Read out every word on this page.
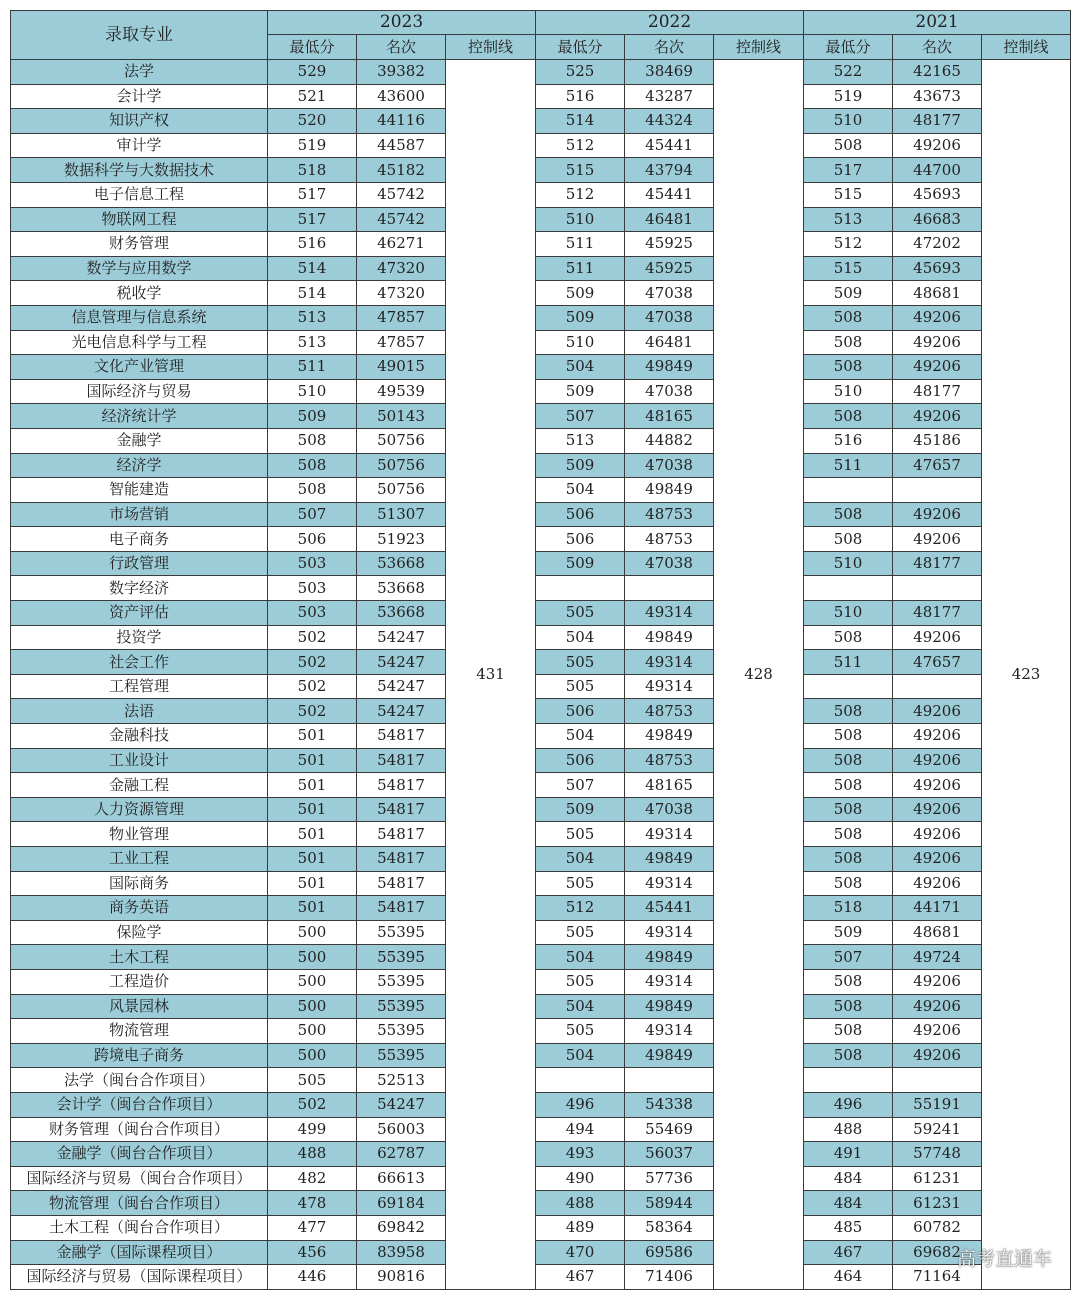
录取专业	2023			2022			2021		
	最低分	名次	控制线	最低分	名次	控制线	最低分	名次	控制线
法学	529	39382	431	525	38469	428	522	42165	423
会计学	521	43600		516	43287		519	43673	
知识产权	520	44116		514	44324		510	48177	
审计学	519	44587		512	45441		508	49206	
数据科学与大数据技术	518	45182		515	43794		517	44700	
电子信息工程	517	45742		512	45441		515	45693	
物联网工程	517	45742		510	46481		513	46683	
财务管理	516	46271		511	45925		512	47202	
数学与应用数学	514	47320		511	45925		515	45693	
税收学	514	47320		509	47038		509	48681	
信息管理与信息系统	513	47857		509	47038		508	49206	
光电信息科学与工程	513	47857		510	46481		508	49206	
文化产业管理	511	49015		504	49849		508	49206	
国际经济与贸易	510	49539		509	47038		510	48177	
经济统计学	509	50143		507	48165		508	49206	
金融学	508	50756		513	44882		516	45186	
经济学	508	50756		509	47038		511	47657	
智能建造	508	50756		504	49849				
市场营销	507	51307		506	48753		508	49206	
电子商务	506	51923		506	48753		508	49206	
行政管理	503	53668		509	47038		510	48177	
数字经济	503	53668							
资产评估	503	53668		505	49314		510	48177	
投资学	502	54247		504	49849		508	49206	
社会工作	502	54247		505	49314		511	47657	
工程管理	502	54247		505	49314				
法语	502	54247		506	48753		508	49206	
金融科技	501	54817		504	49849		508	49206	
工业设计	501	54817		506	48753		508	49206	
金融工程	501	54817		507	48165		508	49206	
人力资源管理	501	54817		509	47038		508	49206	
物业管理	501	54817		505	49314		508	49206	
工业工程	501	54817		504	49849		508	49206	
国际商务	501	54817		505	49314		508	49206	
商务英语	501	54817		512	45441		518	44171	
保险学	500	55395		505	49314		509	48681	
土木工程	500	55395		504	49849		507	49724	
工程造价	500	55395		505	49314		508	49206	
风景园林	500	55395		504	49849		508	49206	
物流管理	500	55395		505	49314		508	49206	
跨境电子商务	500	55395		504	49849		508	49206	
法学（闽台合作项目）	505	52513							
会计学（闽台合作项目）	502	54247		496	54338		496	55191	
财务管理（闽台合作项目）	499	56003		494	55469		488	59241	
金融学（闽台合作项目）	488	62787		493	56037		491	57748	
国际经济与贸易（闽台合作项目）	482	66613		490	57736		484	61231	
物流管理（闽台合作项目）	478	69184		488	58944		484	61231	
土木工程（闽台合作项目）	477	69842		489	58364		485	60782	
金融学（国际课程项目）	456	83958		470	69586		467	69682	
国际经济与贸易（国际课程项目）	446	90816		467	71406		464	71164	
高考直通车
